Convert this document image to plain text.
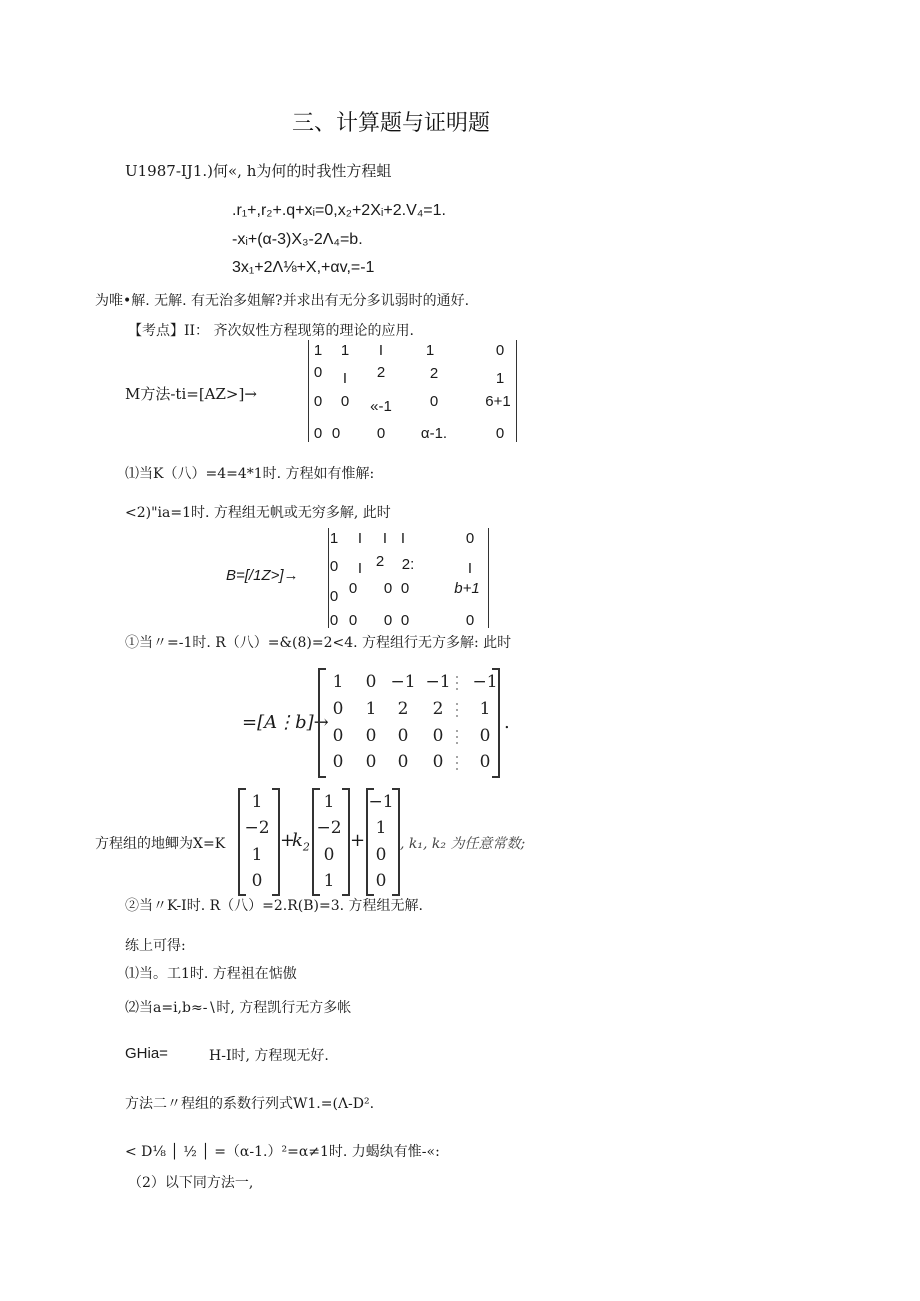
三、计算题与证明题
U1987-IJ1.)何«, h为何的时我性方程蛆
.r₁+,r₂+.q+xᵢ=0,x₂+2Xᵢ+2.V₄=1.
-xᵢ+(α-3)X₃-2Λ₄=b.
3x₁+2Λ⅛+X,+αv,=-1
为唯•解. 无解. 有无治多姐解?并求出有无分多讥弱时的通好.
【考点】II： 齐次奴性方程现第的理论的应用.
M方法-ti=[AZ>]→
1	1	I	1	0
0	I	2	2	1
0	0	«-1	0	6+1
0 0	0	α-1.	0
⑴当K（八）=4=4*1时. 方程如有惟解:
<2)"ia=1时. 方程组无帆或无穷多解, 此时
B=[/1Z>]→
1	I	I I	0
0	I 2	2:	I
0 0	0 0	b+1
0 0	0 0	0
①当〃=-1时. R（八）=&(8)=2<4. 方程组行无方多解: 此时
=[A⋮b]→
1	0 −1 −1 −1
0	1	2	2	1
0	0	0	0	0
0	0	0	0	0
.
方程组的地鲫为X=K
1
−2
1
0
+
$k_2$
1
−2
0
1
+
−1
1
0
0
, k₁, k₂ 为任意常数;
②当〃K-I时. R（八）=2.R(B)=3. 方程组无解.
练上可得:
⑴当。工1时. 方程祖在惦傲
⑵当a=i,b≈-∖时, 方程凯行无方多帐
GHia=	H-I时, 方程现无好.
方法二〃程组的系数行列式W1.=(Λ-D².
< D⅛ │ ½ │ =（α-1.）²=α≠1时. 力蝎纨有惟-«:
（2）以下同方法一,
